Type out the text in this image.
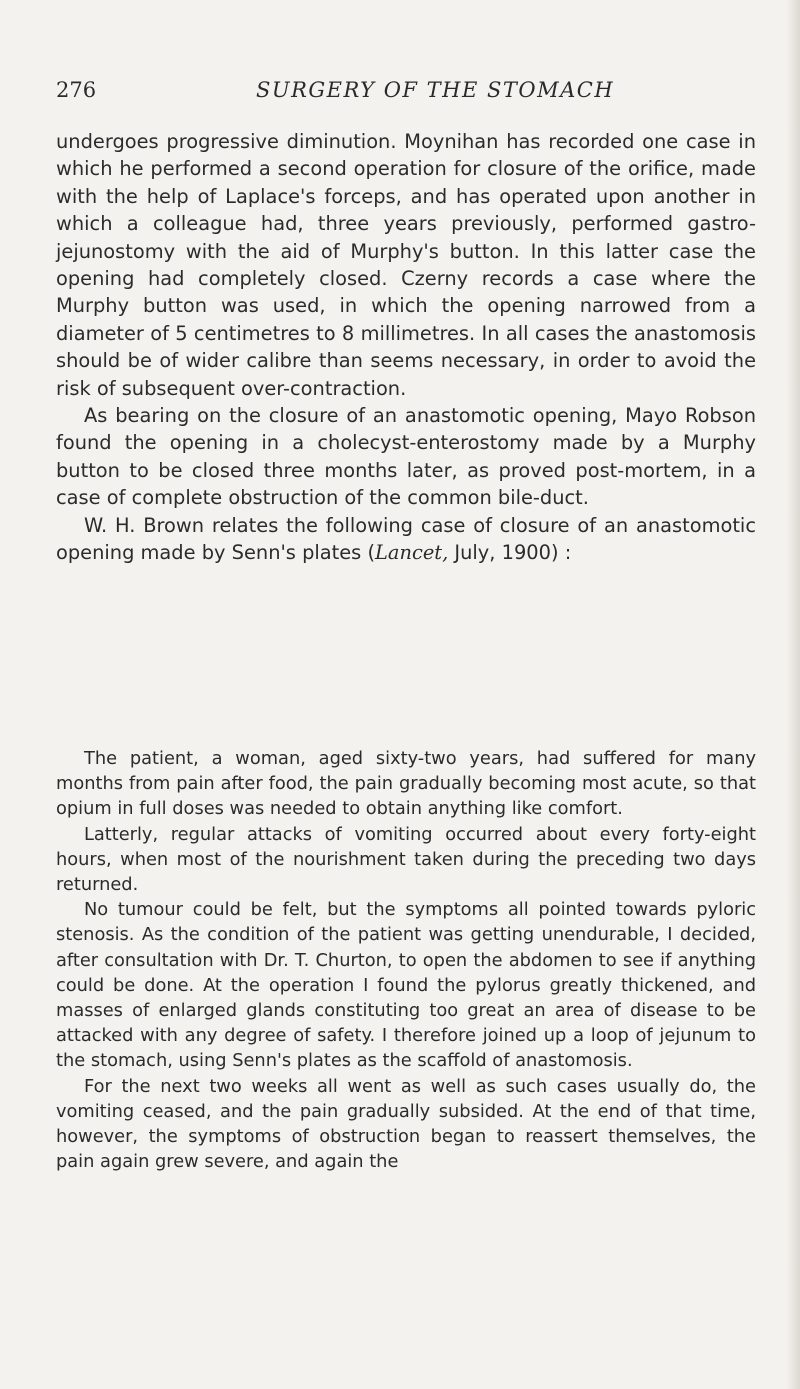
276	SURGERY OF THE STOMACH

undergoes progressive diminution. Moynihan has recorded one case in which he performed a second operation for closure of the orifice, made with the help of Laplace's forceps, and has operated upon another in which a colleague had, three years previously, performed gastro-jejunostomy with the aid of Murphy's button. In this latter case the opening had completely closed. Czerny records a case where the Murphy button was used, in which the opening narrowed from a diameter of 5 centimetres to 8 millimetres. In all cases the anastomosis should be of wider calibre than seems necessary, in order to avoid the risk of subsequent over-contraction.

As bearing on the closure of an anastomotic opening, Mayo Robson found the opening in a cholecyst-enterostomy made by a Murphy button to be closed three months later, as proved post-mortem, in a case of complete obstruction of the common bile-duct.

W. H. Brown relates the following case of closure of an anastomotic opening made by Senn's plates (Lancet, July, 1900) :

The patient, a woman, aged sixty-two years, had suffered for many months from pain after food, the pain gradually becoming most acute, so that opium in full doses was needed to obtain anything like comfort.

Latterly, regular attacks of vomiting occurred about every forty-eight hours, when most of the nourishment taken during the preceding two days returned.

No tumour could be felt, but the symptoms all pointed towards pyloric stenosis. As the condition of the patient was getting unendurable, I decided, after consultation with Dr. T. Churton, to open the abdomen to see if anything could be done. At the operation I found the pylorus greatly thickened, and masses of enlarged glands constituting too great an area of disease to be attacked with any degree of safety. I therefore joined up a loop of jejunum to the stomach, using Senn's plates as the scaffold of anastomosis.

For the next two weeks all went as well as such cases usually do, the vomiting ceased, and the pain gradually subsided. At the end of that time, however, the symptoms of obstruction began to reassert themselves, the pain again grew severe, and again the
